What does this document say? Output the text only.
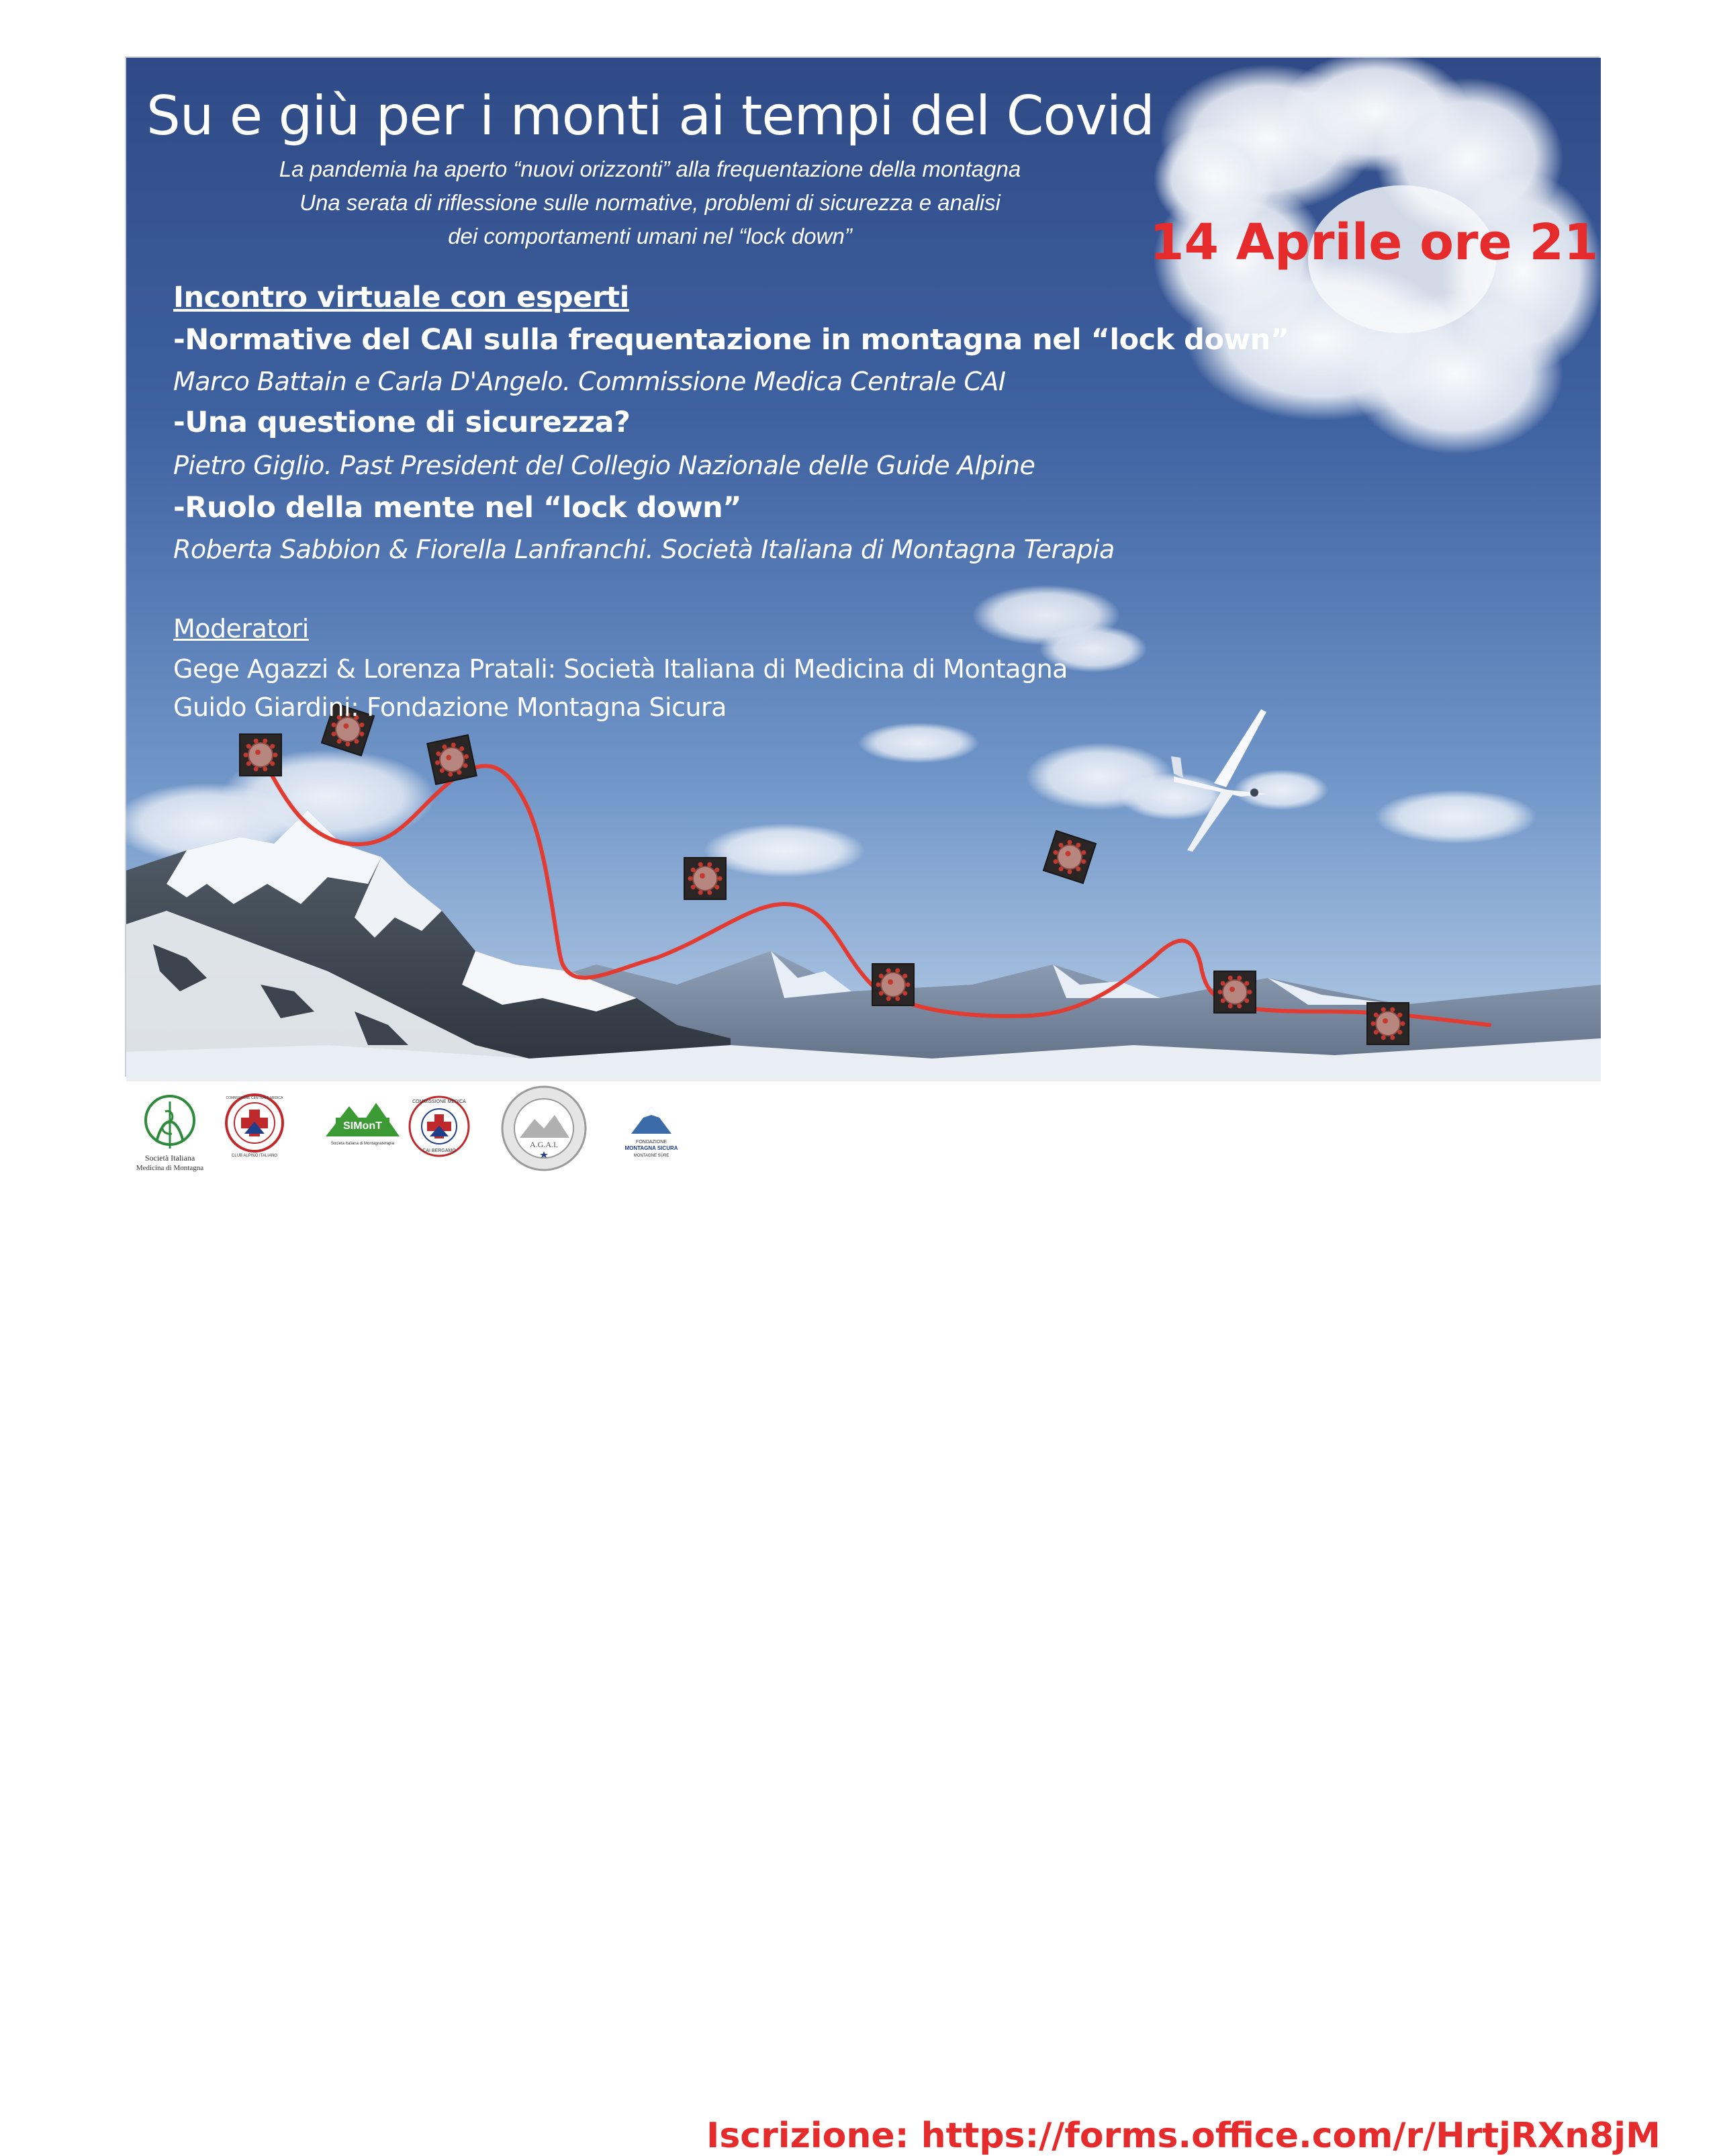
Su e giù per i monti ai tempi del Covid
La pandemia ha aperto “nuovi orizzonti” alla frequentazione della montagna
Una serata di riflessione sulle normative, problemi di sicurezza e analisi
dei comportamenti umani nel “lock down”	14 Aprile ore 21
Incontro virtuale con esperti
-Normative del CAI sulla frequentazione in montagna nel “lock down”
Marco Battain e Carla D'Angelo. Commissione Medica Centrale CAI
-Una questione di sicurezza?
Pietro Giglio. Past President del Collegio Nazionale delle Guide Alpine
-Ruolo della mente nel “lock down”
Roberta Sabbion & Fiorella Lanfranchi. Società Italiana di Montagna Terapia
Moderatori
Gege Agazzi & Lorenza Pratali: Società Italiana di Medicina di Montagna
Guido Giardini: Fondazione Montagna Sicura
Società Italiana
Medicina di Montagna
COMMISSIONE CENTRALE MEDICA
CLUB ALPINO ITALIANO
SIMonT
Società Italiana di Montagnaterapia
COMMISSIONE MEDICA
CAI BERGAMO
A.G.A.I.	FONDAZIONE
MONTAGNA SICURA
MONTAGNE SÛRE
Iscrizione: https://forms.office.com/r/HrtjRXn8jM
